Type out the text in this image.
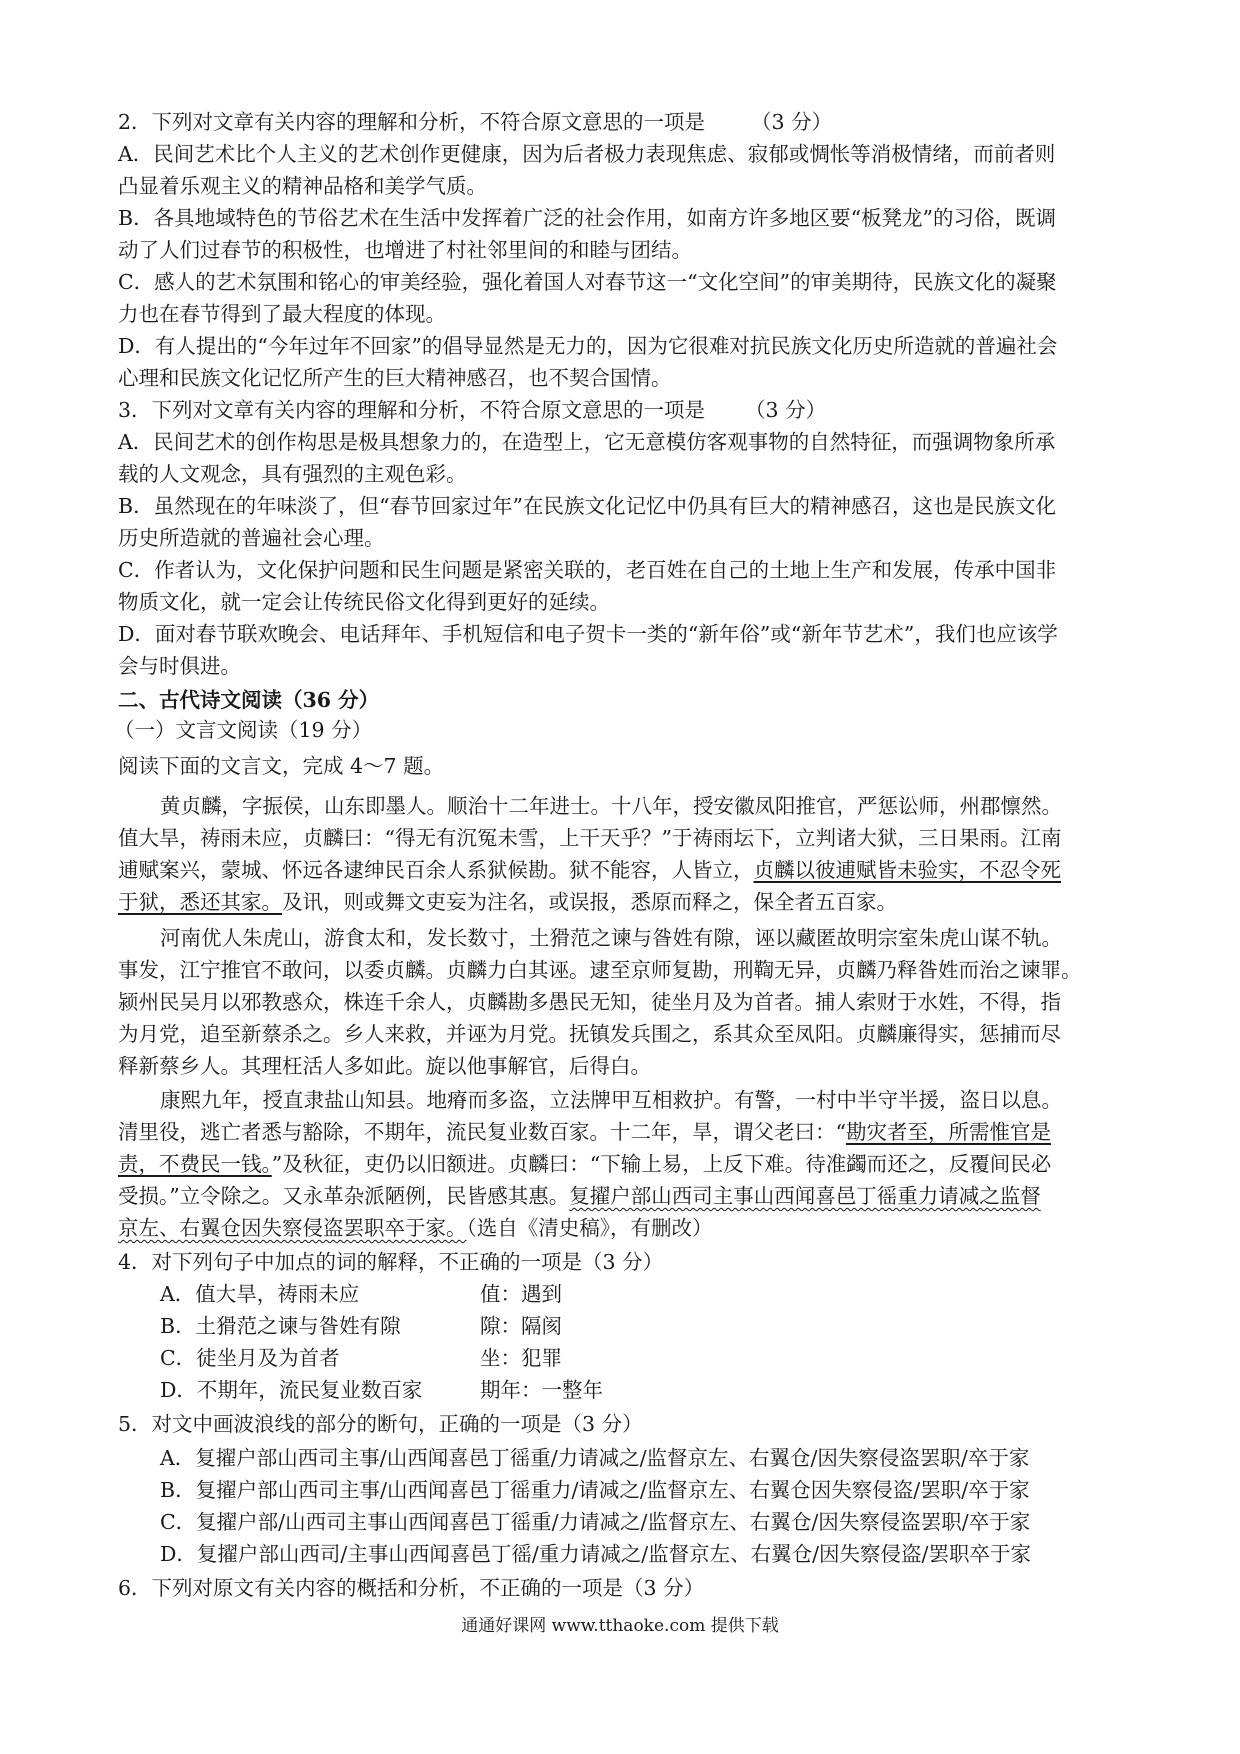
2．下列对文章有关内容的理解和分析，不符合原文意思的一项是 （3 分）
A．民间艺术比个人主义的艺术创作更健康，因为后者极力表现焦虑、寂郁或惆怅等消极情绪，而前者则
凸显着乐观主义的精神品格和美学气质。
B．各具地域特色的节俗艺术在生活中发挥着广泛的社会作用，如南方许多地区要“板凳龙”的习俗，既调
动了人们过春节的积极性，也增进了村社邻里间的和睦与团结。
C．感人的艺术氛围和铭心的审美经验，强化着国人对春节这一“文化空间”的审美期待，民族文化的凝聚
力也在春节得到了最大程度的体现。
D．有人提出的“今年过年不回家”的倡导显然是无力的，因为它很难对抗民族文化历史所造就的普遍社会
心理和民族文化记忆所产生的巨大精神感召，也不契合国情。
3．下列对文章有关内容的理解和分析，不符合原文意思的一项是 （3 分）
A．民间艺术的创作构思是极具想象力的，在造型上，它无意模仿客观事物的自然特征，而强调物象所承
载的人文观念，具有强烈的主观色彩。
B．虽然现在的年味淡了，但“春节回家过年”在民族文化记忆中仍具有巨大的精神感召，这也是民族文化
历史所造就的普遍社会心理。
C．作者认为，文化保护问题和民生问题是紧密关联的，老百姓在自己的土地上生产和发展，传承中国非
物质文化，就一定会让传统民俗文化得到更好的延续。
D．面对春节联欢晚会、电话拜年、手机短信和电子贺卡一类的“新年俗”或“新年节艺术”，我们也应该学
会与时俱进。
二、古代诗文阅读（36 分）
（一）文言文阅读（19 分）
阅读下面的文言文，完成 4～7 题。
黄贞麟，字振侯，山东即墨人。顺治十二年进士。十八年，授安徽凤阳推官，严惩讼师，州郡懔然。
值大旱，祷雨未应，贞麟曰：“得无有沉冤未雪，上干天乎？”于祷雨坛下，立判诸大狱，三日果雨。江南
逋赋案兴，蒙城、怀远各逮绅民百余人系狱候勘。狱不能容，人皆立，贞麟以彼逋赋皆未验实，不忍令死
于狱，悉还其家。及讯，则或舞文吏妄为注名，或误报，悉原而释之，保全者五百家。
河南优人朱虎山，游食太和，发长数寸，土猾范之谏与昝姓有隙，诬以藏匿故明宗室朱虎山谋不轨。
事发，江宁推官不敢问，以委贞麟。贞麟力白其诬。逮至京师复勘，刑鞫无异，贞麟乃释昝姓而治之谏罪。
颍州民吴月以邪教惑众，株连千余人，贞麟勘多愚民无知，徒坐月及为首者。捕人索财于水姓，不得，指
为月党，追至新蔡杀之。乡人来救，并诬为月党。抚镇发兵围之，系其众至凤阳。贞麟廉得实，惩捕而尽
释新蔡乡人。其理枉活人多如此。旋以他事解官，后得白。
康熙九年，授直隶盐山知县。地瘠而多盗，立法牌甲互相救护。有警，一村中半守半援，盗日以息。
清里役，逃亡者悉与豁除，不期年，流民复业数百家。十二年，旱，谓父老曰：“勘灾者至，所需惟官是
责，不费民一钱。”及秋征，吏仍以旧额进。贞麟曰：“下输上易，上反下难。待准蠲而还之，反覆间民必
受损。”立令除之。又永革杂派陋例，民皆感其惠。复擢户部山西司主事山西闻喜邑丁徭重力请减之监督
京左、右翼仓因失察侵盗罢职卒于家。（选自《清史稿》，有删改）
4．对下列句子中加点的词的解释，不正确的一项是（3 分）
A．值大旱，祷雨未应	值：遇到
B．土猾范之谏与昝姓有隙	隙：隔阂
C．徒坐月及为首者	坐：犯罪
D．不期年，流民复业数百家	期年：一整年
5．对文中画波浪线的部分的断句，正确的一项是（3 分）
A．复擢户部山西司主事/山西闻喜邑丁徭重/力请减之/监督京左、右翼仓/因失察侵盗罢职/卒于家
B．复擢户部山西司主事/山西闻喜邑丁徭重力/请减之/监督京左、右翼仓因失察侵盗/罢职/卒于家
C．复擢户部/山西司主事山西闻喜邑丁徭重/力请减之/监督京左、右翼仓/因失察侵盗罢职/卒于家
D．复擢户部山西司/主事山西闻喜邑丁徭/重力请减之/监督京左、右翼仓/因失察侵盗/罢职卒于家
6．下列对原文有关内容的概括和分析，不正确的一项是（3 分）
通通好课网 www.tthaoke.com 提供下载
